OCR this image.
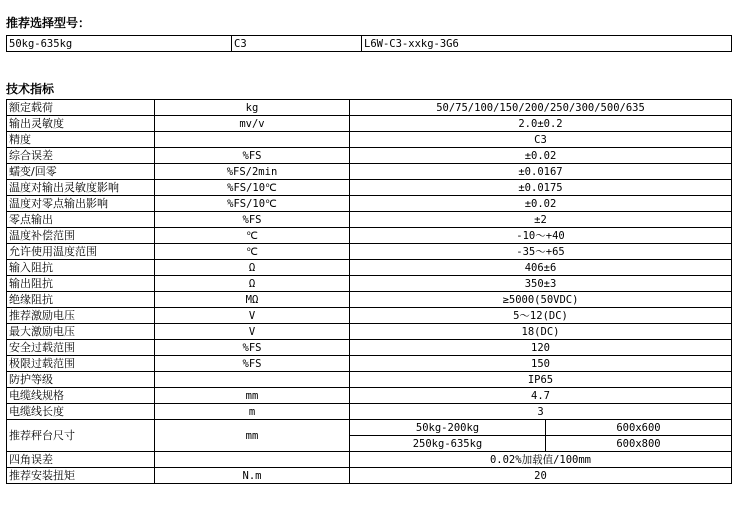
推荐选择型号：
50kg-635kg	C3	L6W-C3-xxkg-3G6
技术指标
额定载荷	kg	50/75/100/150/200/250/300/500/635	
输出灵敏度	mv/v	2.0±0.2	
精度		C3	
综合误差	%FS	±0.02	
蠕变/回零	%FS/2min	±0.0167	
温度对输出灵敏度影响	%FS/10℃	±0.0175	
温度对零点输出影响	%FS/10℃	±0.02	
零点输出	%FS	±2	
温度补偿范围	℃	-10～+40	
允许使用温度范围	℃	-35～+65	
输入阻抗	Ω	406±6	
输出阻抗	Ω	350±3	
绝缘阻抗	MΩ	≥5000(50VDC)	
推荐激励电压	V	5～12(DC)	
最大激励电压	V	18(DC)	
安全过载范围	%FS	120	
极限过载范围	%FS	150	
防护等级		IP65	
电缆线规格	mm	4.7	
电缆线长度	m	3	
推荐秤台尺寸	mm	50kg-200kg	600x600
		250kg-635kg	600x800
四角误差		0.02%加载值/100mm	
推荐安装扭矩	N.m	20	
